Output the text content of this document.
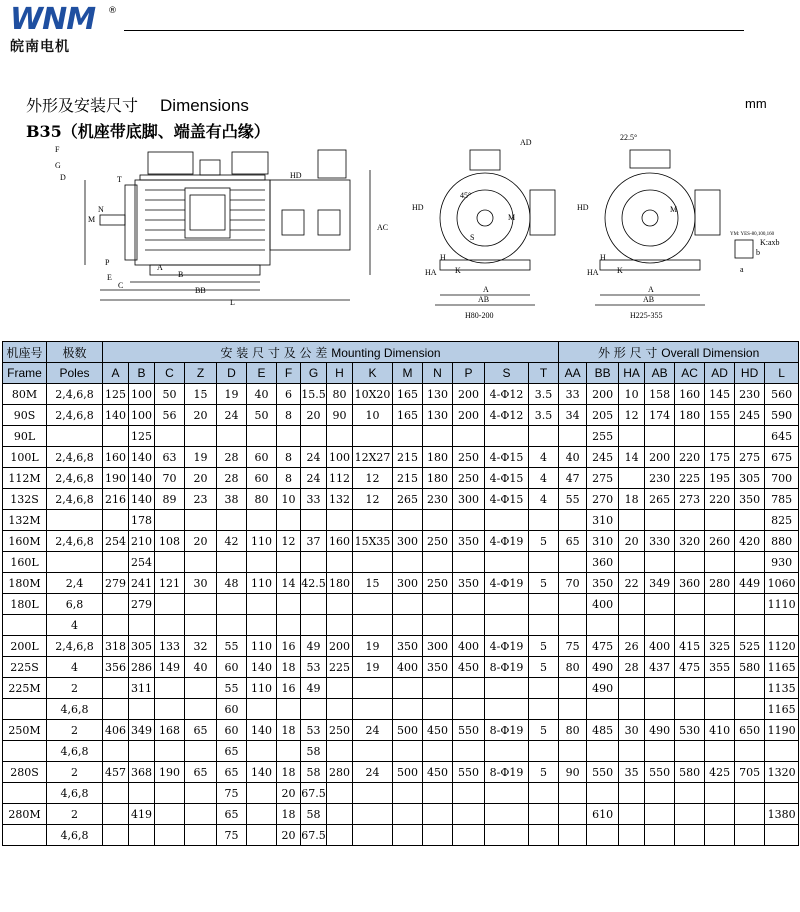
WNM	®
皖南电机
外形及安装尺寸 Dimensions	mm
B35（机座带底脚、端盖有凸缘）
F
G
D	T
N
M
P
E
C
B
A
BB
L
AC
HD
AD
45°
M
HA K
A
AB
H80-200
HD
H
S
22.5°
M
HA K
A
AB
H225-355
HD
H
YM: YES-80,100,160
K:axb
a
b
机座号	极数	安 装 尺 寸 及 公 差 Mounting Dimension															外 形 尺 寸 Overall Dimension							
Frame	Poles	A	B	C	Z	D	E	F	G	H	K	M	N	P	S	T	AA	BB	HA	AB	AC	AD	HD	L
80M	2,4,6,8	125	100	50	15	19	40	6	15.5	80	10X20	165	130	200	4-Φ12	3.5	33	200	10	158	160	145	230	560
90S	2,4,6,8	140	100	56	20	24	50	8	20	90	10	165	130	200	4-Φ12	3.5	34	205	12	174	180	155	245	590
90L			125															255						645
100L	2,4,6,8	160	140	63	19	28	60	8	24	100	12X27	215	180	250	4-Φ15	4	40	245	14	200	220	175	275	675
112M	2,4,6,8	190	140	70	20	28	60	8	24	112	12	215	180	250	4-Φ15	4	47	275		230	225	195	305	700
132S	2,4,6,8	216	140	89	23	38	80	10	33	132	12	265	230	300	4-Φ15	4	55	270	18	265	273	220	350	785
132M			178															310						825
160M	2,4,6,8	254	210	108	20	42	110	12	37	160	15X35	300	250	350	4-Φ19	5	65	310	20	330	320	260	420	880
160L			254															360						930
180M	2,4	279	241	121	30	48	110	14	42.5	180	15	300	250	350	4-Φ19	5	70	350	22	349	360	280	449	1060
180L	6,8		279															400						1110
	4																							
200L	2,4,6,8	318	305	133	32	55	110	16	49	200	19	350	300	400	4-Φ19	5	75	475	26	400	415	325	525	1120
225S	4	356	286	149	40	60	140	18	53	225	19	400	350	450	8-Φ19	5	80	490	28	437	475	355	580	1165
225M	2		311			55	110	16	49									490						1135
	4,6,8					60																		1165
250M	2	406	349	168	65	60	140	18	53	250	24	500	450	550	8-Φ19	5	80	485	30	490	530	410	650	1190
	4,6,8					65			58															
280S	2	457	368	190	65	65	140	18	58	280	24	500	450	550	8-Φ19	5	90	550	35	550	580	425	705	1320
	4,6,8					75		20	67.5															
280M	2		419			65		18	58									610						1380
	4,6,8					75		20	67.5															
